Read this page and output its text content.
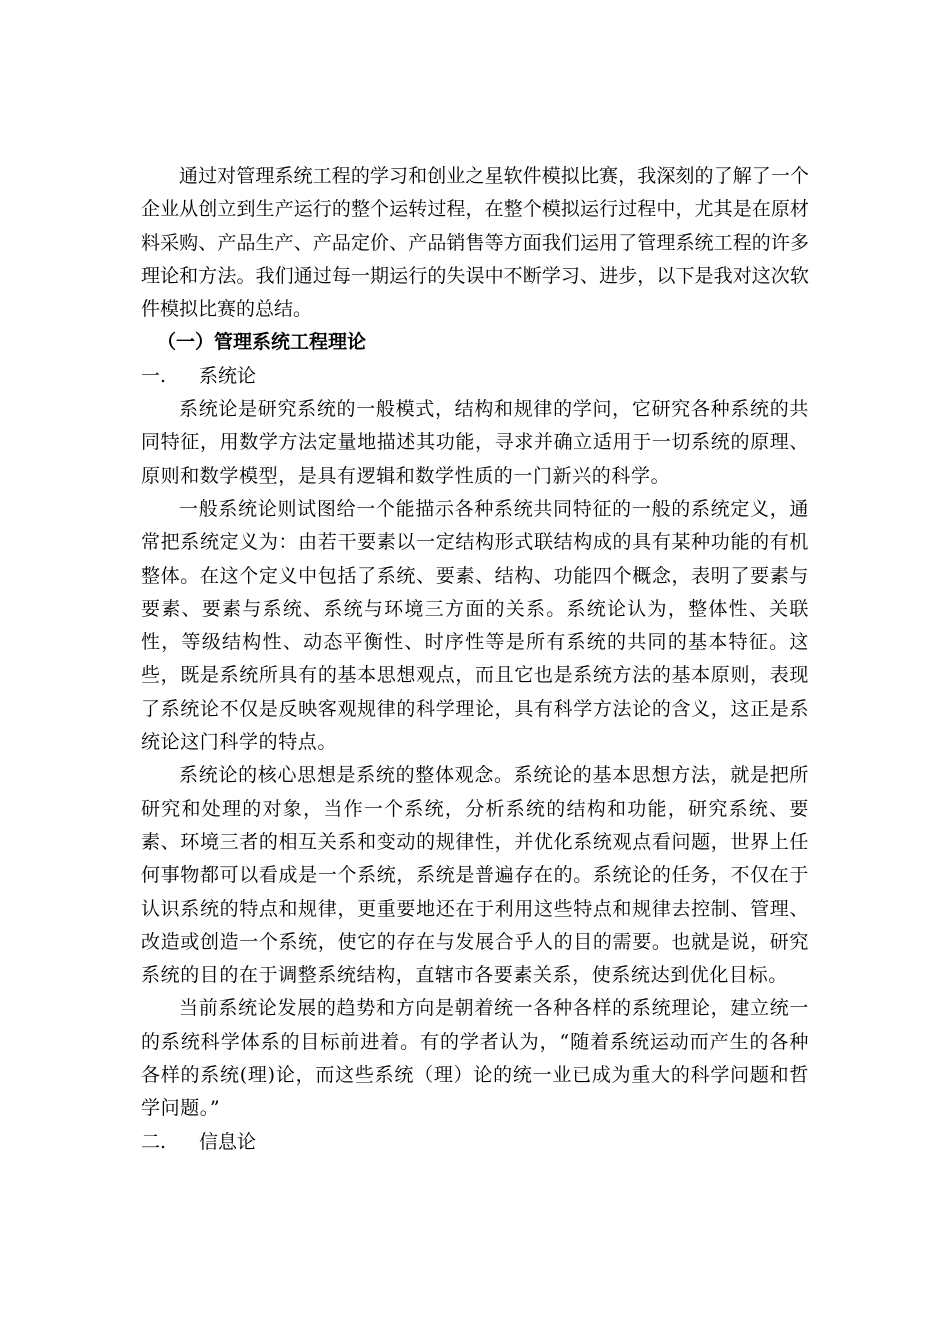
通过对管理系统工程的学习和创业之星软件模拟比赛，我深刻的了解了一个企业从创立到生产运行的整个运转过程，在整个模拟运行过程中，尤其是在原材料采购、产品生产、产品定价、产品销售等方面我们运用了管理系统工程的许多理论和方法。我们通过每一期运行的失误中不断学习、进步，以下是我对这次软件模拟比赛的总结。

（一）管理系统工程理论

一.	系统论

系统论是研究系统的一般模式，结构和规律的学问，它研究各种系统的共同特征，用数学方法定量地描述其功能，寻求并确立适用于一切系统的原理、原则和数学模型，是具有逻辑和数学性质的一门新兴的科学。

一般系统论则试图给一个能描示各种系统共同特征的一般的系统定义，通常把系统定义为：由若干要素以一定结构形式联结构成的具有某种功能的有机整体。在这个定义中包括了系统、要素、结构、功能四个概念，表明了要素与要素、要素与系统、系统与环境三方面的关系。系统论认为，整体性、关联性，等级结构性、动态平衡性、时序性等是所有系统的共同的基本特征。这些，既是系统所具有的基本思想观点，而且它也是系统方法的基本原则，表现了系统论不仅是反映客观规律的科学理论，具有科学方法论的含义，这正是系统论这门科学的特点。

系统论的核心思想是系统的整体观念。系统论的基本思想方法，就是把所研究和处理的对象，当作一个系统，分析系统的结构和功能，研究系统、要素、环境三者的相互关系和变动的规律性，并优化系统观点看问题，世界上任何事物都可以看成是一个系统，系统是普遍存在的。系统论的任务，不仅在于认识系统的特点和规律，更重要地还在于利用这些特点和规律去控制、管理、改造或创造一个系统，使它的存在与发展合乎人的目的需要。也就是说，研究系统的目的在于调整系统结构，直辖市各要素关系，使系统达到优化目标。

当前系统论发展的趋势和方向是朝着统一各种各样的系统理论，建立统一的系统科学体系的目标前进着。有的学者认为，“随着系统运动而产生的各种各样的系统(理)论，而这些系统（理）论的统一业已成为重大的科学问题和哲学问题。”

二.	信息论
